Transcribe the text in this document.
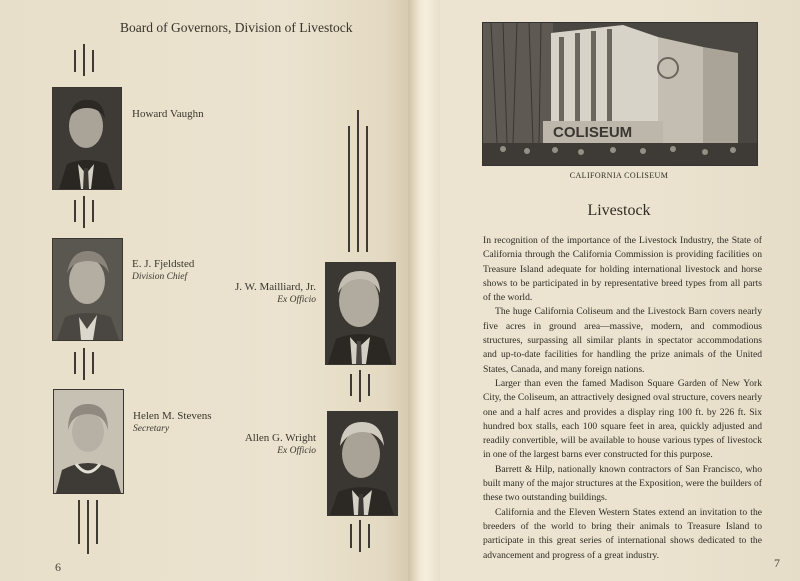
Board of Governors, Division of Livestock
Howard Vaughn
E. J. Fjeldsted
Division Chief
Helen M. Stevens
Secretary
J. W. Mailliard, Jr.
Ex Officio
Allen G. Wright
Ex Officio
6
COLISEUM
CALIFORNIA COLISEUM
Livestock

In recognition of the importance of the Livestock Industry, the State of California through the California Commission is providing facilities on Treasure Island adequate for holding international livestock and horse shows to be participated in by representative breed types from all parts of the world.

The huge California Coliseum and the Livestock Barn covers nearly five acres in ground area—massive, modern, and commodious structures, surpassing all similar plants in spectator accommodations and up-to-date facilities for handling the prize animals of the United States, Canada, and many foreign nations.

Larger than even the famed Madison Square Garden of New York City, the Coliseum, an attractively designed oval structure, covers nearly one and a half acres and provides a display ring 100 ft. by 226 ft. Six hundred box stalls, each 100 square feet in area, quickly adjusted and readily convertible, will be available to house various types of livestock in one of the largest barns ever constructed for this purpose.

Barrett & Hilp, nationally known contractors of San Francisco, who built many of the major structures at the Exposition, were the builders of these two outstanding buildings.

California and the Eleven Western States extend an invitation to the breeders of the world to bring their animals to Treasure Island to participate in this great series of international shows dedicated to the advancement and progress of a great industry.

7
